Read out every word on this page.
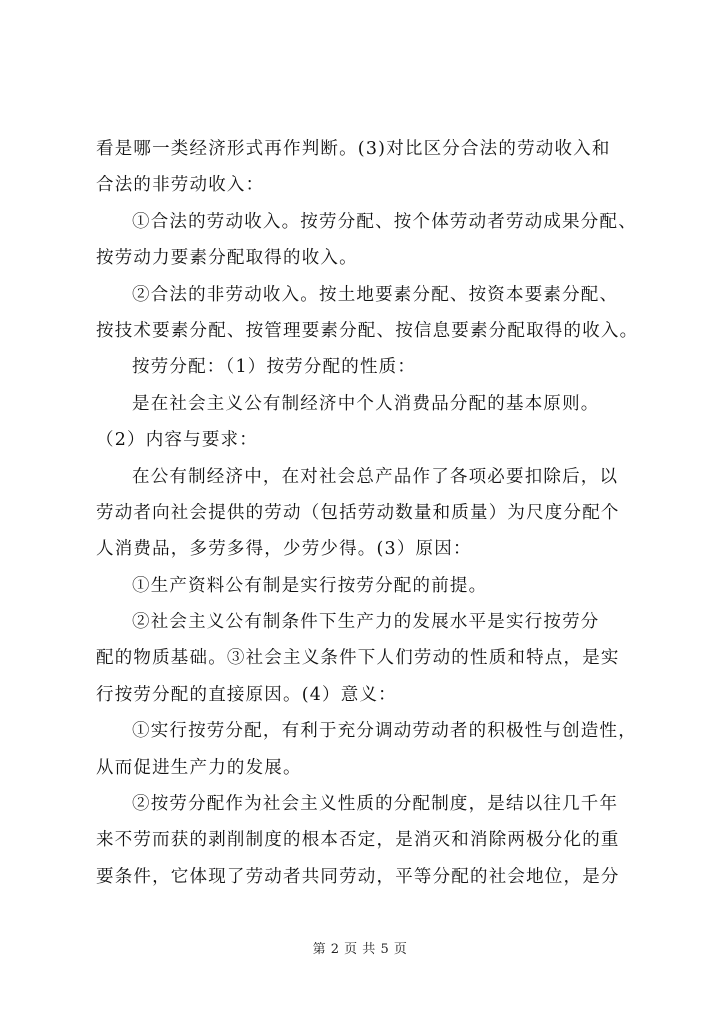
看是哪一类经济形式再作判断。(3)对比区分合法的劳动收入和
合法的非劳动收入：
①合法的劳动收入。按劳分配、按个体劳动者劳动成果分配、
按劳动力要素分配取得的收入。
②合法的非劳动收入。按土地要素分配、按资本要素分配、
按技术要素分配、按管理要素分配、按信息要素分配取得的收入。
按劳分配：（1）按劳分配的性质：
是在社会主义公有制经济中个人消费品分配的基本原则。
（2）内容与要求：
在公有制经济中，在对社会总产品作了各项必要扣除后，以
劳动者向社会提供的劳动（包括劳动数量和质量）为尺度分配个
人消费品，多劳多得，少劳少得。(3）原因：
①生产资料公有制是实行按劳分配的前提。
②社会主义公有制条件下生产力的发展水平是实行按劳分
配的物质基础。③社会主义条件下人们劳动的性质和特点，是实
行按劳分配的直接原因。(4）意义：
①实行按劳分配，有利于充分调动劳动者的积极性与创造性，
从而促进生产力的发展。
②按劳分配作为社会主义性质的分配制度，是结以往几千年
来不劳而获的剥削制度的根本否定，是消灭和消除两极分化的重
要条件，它体现了劳动者共同劳动，平等分配的社会地位，是分
第 2 页 共 5 页
